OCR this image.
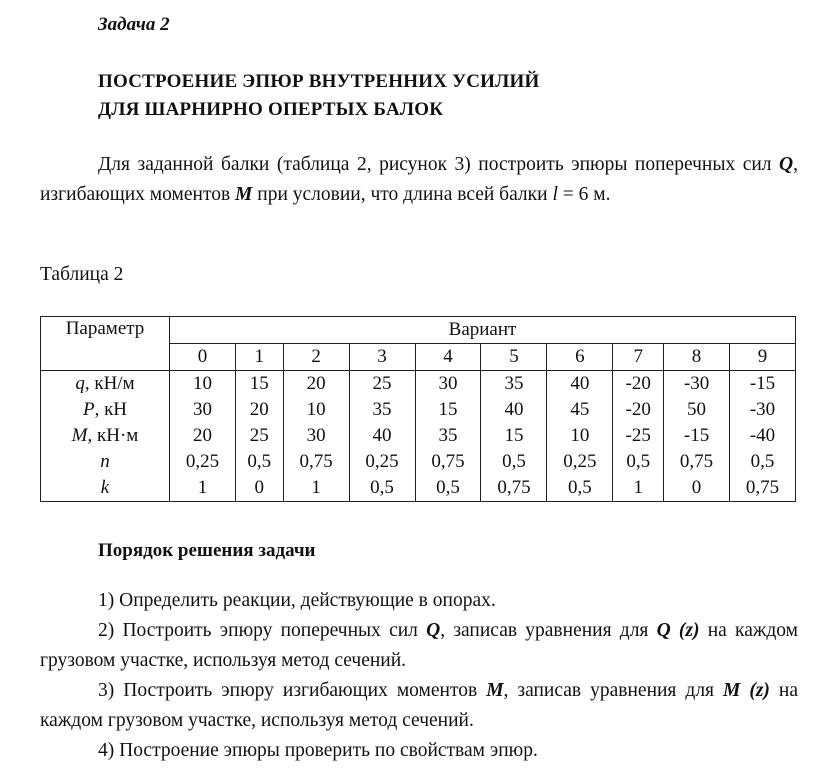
Задача 2
ПОСТРОЕНИЕ ЭПЮР ВНУТРЕННИХ УСИЛИЙ
ДЛЯ ШАРНИРНО ОПЕРТЫХ БАЛОК

Для заданной балки (таблица 2, рисунок 3) построить эпюры поперечных сил Q, изгибающих моментов M при условии, что длина всей балки l = 6 м.

Таблица 2
Параметр	Вариант									
	0	1	2	3	4	5	6	7	8	9
q, кН/м	10	15	20	25	30	35	40	-20	-30	-15
P, кН	30	20	10	35	15	40	45	-20	50	-30
M, кН·м	20	25	30	40	35	15	10	-25	-15	-40
n	0,25	0,5	0,75	0,25	0,75	0,5	0,25	0,5	0,75	0,5
k	1	0	1	0,5	0,5	0,75	0,5	1	0	0,75
Порядок решения задачи

1) Определить реакции, действующие в опорах.

2) Построить эпюру поперечных сил Q, записав уравнения для Q (z) на каждом грузовом участке, используя метод сечений.

3) Построить эпюру изгибающих моментов M, записав уравнения для M (z) на каждом грузовом участке, используя метод сечений.

4) Построение эпюры проверить по свойствам эпюр.
